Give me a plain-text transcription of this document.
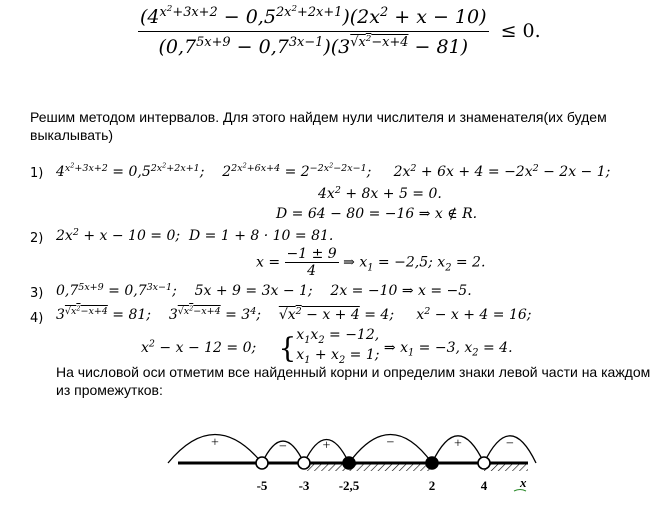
$\frac{(4^{x^2+3x+2} - 0,5^{2x^2+2x+1})(2x^2 + x - 10)}{(0,7^{5x+9} - 0,7^{3x-1})(3^{√x^2-x+4} - 81)} \le 0$.
Решим методом интервалов. Для этого найдем нули числителя и знаменателя(их будем выкалывать)
1) $4^{x^2+3x+2} = 0,5^{2x^2+2x+1}$;    $2^{2x^2+6x+4} = 2^{-2x^2-2x-1}$;     $2x^2 + 6x + 4 = -2x^2 - 2x - 1$;
$4x^2 + 8x + 5 = 0$.
D = 64 − 80 = −16 ⇒ x ∉ R.
2) $2x^2 + x - 10 = 0$;  D = 1 + 8 · 10 = 81.
$x = \frac{-1 \pm 9}{4}$ ⇒ $x_1 = -2,5$; $x_2 = 2$.
3) $0,7^{5x+9} = 0,7^{3x-1}$;    5x + 9 = 3x − 1;    2x = −10 ⇒ x = −5.
4) $3^{√x^2-x+4} = 81$;    $3^{√x^2-x+4} = 3^4$;    $√x^2 - x + 4 = 4$;     $x^2 - x + 4 = 16$;
$x^2 - x - 12 = 0$;     { $x_1x_2 = -12$,
$x_1 + x_2 = 1$; ⇒ $x_1 = -3$, $x_2 = 4$.
На числовой оси отметим все найденный корни и определим знаки левой части на каждом из промежутков:
+	−	+	−	+	−
-5 -3 -2,5	2	4	x
